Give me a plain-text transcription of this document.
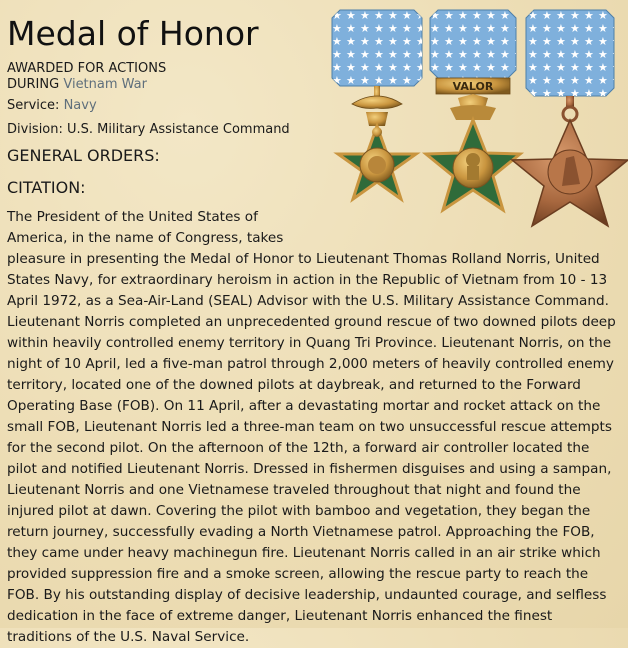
Medal of Honor

AWARDED FOR ACTIONS

DURING Vietnam War

Service: Navy

Division: U.S. Military Assistance Command

GENERAL ORDERS:
CITATION:

The President of the United States of America, in the name of Congress, takes pleasure in presenting the Medal of Honor to Lieutenant Thomas Rolland Norris, United States Navy, for extraordinary heroism in action in the Republic of Vietnam from 10 - 13 April 1972, as a Sea-Air-Land (SEAL) Advisor with the U.S. Military Assistance Command. Lieutenant Norris completed an unprecedented ground rescue of two downed pilots deep within heavily controlled enemy territory in Quang Tri Province. Lieutenant Norris, on the night of 10 April, led a five-man patrol through 2,000 meters of heavily controlled enemy territory, located one of the downed pilots at daybreak, and returned to the Forward Operating Base (FOB). On 11 April, after a devastating mortar and rocket attack on the small FOB, Lieutenant Norris led a three-man team on two unsuccessful rescue attempts for the second pilot. On the afternoon of the 12th, a forward air controller located the pilot and notified Lieutenant Norris. Dressed in fishermen disguises and using a sampan, Lieutenant Norris and one Vietnamese traveled throughout that night and found the injured pilot at dawn. Covering the pilot with bamboo and vegetation, they began the return journey, successfully evading a North Vietnamese patrol. Approaching the FOB, they came under heavy machinegun fire. Lieutenant Norris called in an air strike which provided suppression fire and a smoke screen, allowing the rescue party to reach the FOB. By his outstanding display of decisive leadership, undaunted courage, and selfless dedication in the face of extreme danger, Lieutenant Norris enhanced the finest traditions of the U.S. Naval Service.

VALOR
